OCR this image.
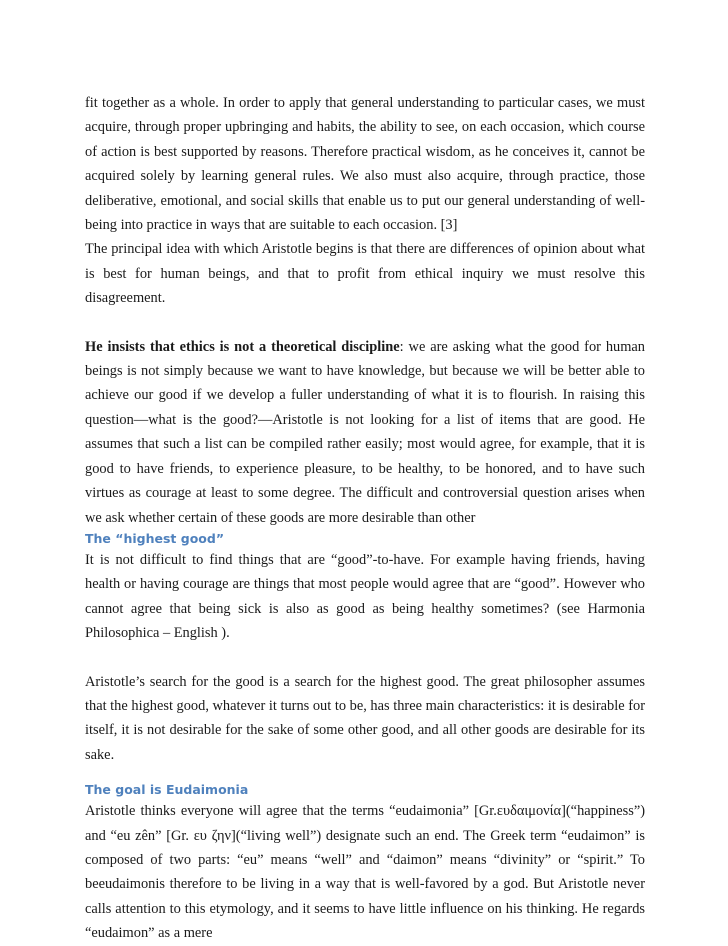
fit together as a whole. In order to apply that general understanding to particular cases, we must acquire, through proper upbringing and habits, the ability to see, on each occasion, which course of action is best supported by reasons. Therefore practical wisdom, as he conceives it, cannot be acquired solely by learning general rules. We also must also acquire, through practice, those deliberative, emotional, and social skills that enable us to put our general understanding of well-being into practice in ways that are suitable to each occasion. [3]

The principal idea with which Aristotle begins is that there are differences of opinion about what is best for human beings, and that to profit from ethical inquiry we must resolve this disagreement.

He insists that ethics is not a theoretical discipline: we are asking what the good for human beings is not simply because we want to have knowledge, but because we will be better able to achieve our good if we develop a fuller understanding of what it is to flourish. In raising this question—what is the good?—Aristotle is not looking for a list of items that are good. He assumes that such a list can be compiled rather easily; most would agree, for example, that it is good to have friends, to experience pleasure, to be healthy, to be honored, and to have such virtues as courage at least to some degree. The difficult and controversial question arises when we ask whether certain of these goods are more desirable than other

The “highest good”

It is not difficult to find things that are “good”-to-have. For example having friends, having health or having courage are things that most people would agree that are “good”. However who cannot agree that being sick is also as good as being healthy sometimes? (see Harmonia Philosophica – English ).

Aristotle’s search for the good is a search for the highest good. The great philosopher assumes that the highest good, whatever it turns out to be, has three main characteristics: it is desirable for itself, it is not desirable for the sake of some other good, and all other goods are desirable for its sake.

The goal is Eudaimonia

Aristotle thinks everyone will agree that the terms “eudaimonia” [Gr.ευδαιμονία](“happiness”) and “eu zên” [Gr. ευ ζην](“living well”) designate such an end. The Greek term “eudaimon” is composed of two parts: “eu” means “well” and “daimon” means “divinity” or “spirit.” To beeudaimonis therefore to be living in a way that is well-favored by a god. But Aristotle never calls attention to this etymology, and it seems to have little influence on his thinking. He regards “eudaimon” as a mere
